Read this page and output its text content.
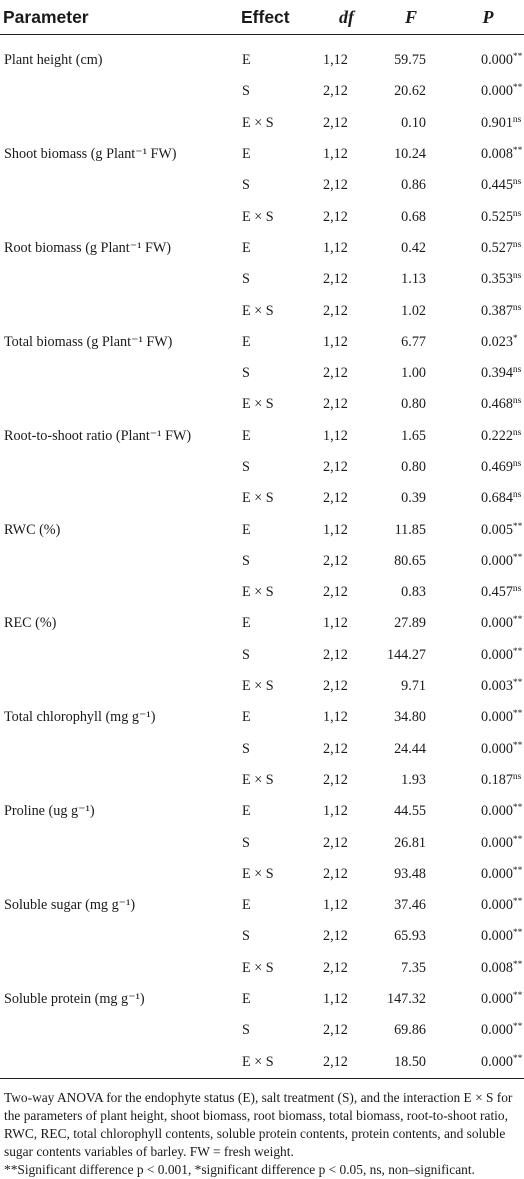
Parameter	Effect	df	F	P
Plant height (cm)	E	1,12	59.75	0.000**
	S	2,12	20.62	0.000**
	E × S	2,12	0.10	$0.901^{ns}$
Shoot biomass (g Plant⁻¹ FW)	E	1,12	10.24	0.008**
	S	2,12	0.86	$0.445^{ns}$
	E × S	2,12	0.68	$0.525^{ns}$
Root biomass (g Plant⁻¹ FW)	E	1,12	0.42	$0.527^{ns}$
	S	2,12	1.13	$0.353^{ns}$
	E × S	2,12	1.02	$0.387^{ns}$
Total biomass (g Plant⁻¹ FW)	E	1,12	6.77	0.023*
	S	2,12	1.00	$0.394^{ns}$
	E × S	2,12	0.80	$0.468^{ns}$
Root-to-shoot ratio (Plant⁻¹ FW)	E	1,12	1.65	$0.222^{ns}$
	S	2,12	0.80	$0.469^{ns}$
	E × S	2,12	0.39	$0.684^{ns}$
RWC (%)	E	1,12	11.85	0.005**
	S	2,12	80.65	0.000**
	E × S	2,12	0.83	$0.457^{ns}$
REC (%)	E	1,12	27.89	0.000**
	S	2,12	144.27	0.000**
	E × S	2,12	9.71	0.003**
Total chlorophyll (mg g⁻¹)	E	1,12	34.80	0.000**
	S	2,12	24.44	0.000**
	E × S	2,12	1.93	$0.187^{ns}$
Proline (ug g⁻¹)	E	1,12	44.55	0.000**
	S	2,12	26.81	0.000**
	E × S	2,12	93.48	0.000**
Soluble sugar (mg g⁻¹)	E	1,12	37.46	0.000**
	S	2,12	65.93	0.000**
	E × S	2,12	7.35	0.008**
Soluble protein (mg g⁻¹)	E	1,12	147.32	0.000**
	S	2,12	69.86	0.000**
	E × S	2,12	18.50	0.000**

Two-way ANOVA for the endophyte status (E), salt treatment (S), and the interaction E × S for the parameters of plant height, shoot biomass, root biomass, total biomass, root-to-shoot ratio, RWC, REC, total chlorophyll contents, soluble protein contents, protein contents, and soluble sugar contents variables of barley. FW = fresh weight.

**Significant difference p < 0.001, *significant difference p < 0.05, ns, non–significant.
